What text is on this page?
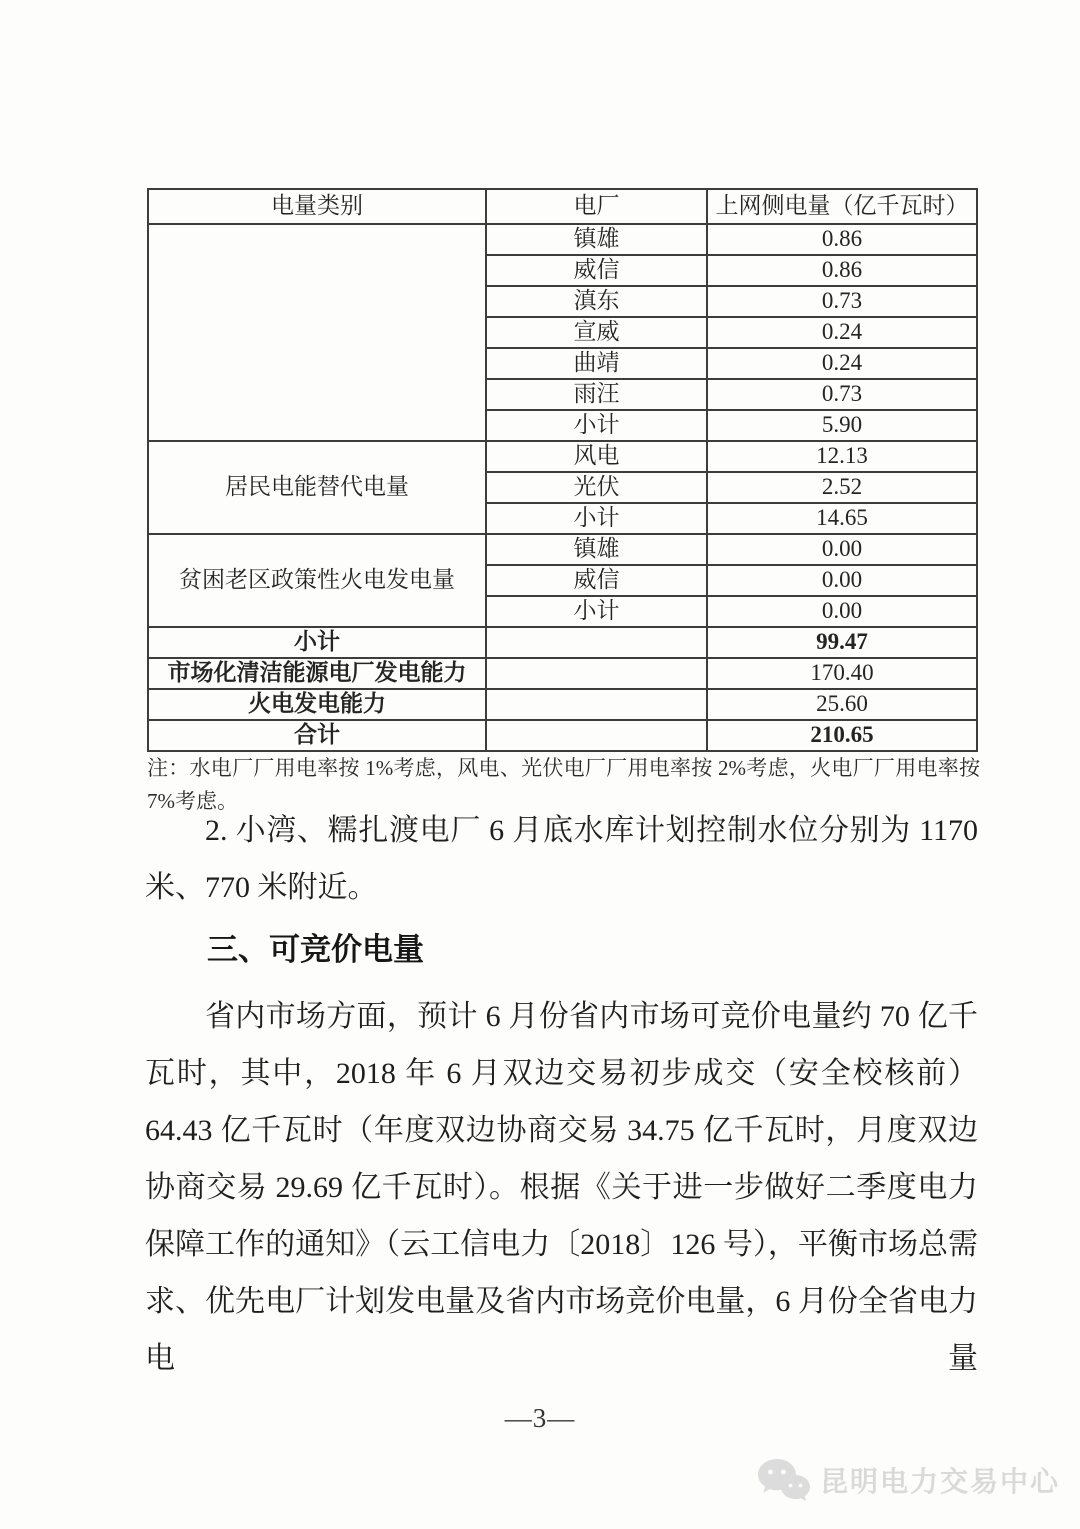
电量类别	电厂	上网侧电量（亿千瓦时）
	镇雄	0.86
	威信	0.86
	滇东	0.73
	宣威	0.24
	曲靖	0.24
	雨汪	0.73
	小计	5.90
居民电能替代电量	风电	12.13
	光伏	2.52
	小计	14.65
贫困老区政策性火电发电量	镇雄	0.00
	威信	0.00
	小计	0.00
小计		99.47
市场化清洁能源电厂发电能力		170.40
火电发电能力		25.60
合计		210.65

注：水电厂厂用电率按 1%考虑，风电、光伏电厂厂用电率按 2%考虑，火电厂厂用电率按 7%考虑。

2. 小湾、糯扎渡电厂 6 月底水库计划控制水位分别为 1170 米、770 米附近。

三、可竞价电量

省内市场方面，预计 6 月份省内市场可竞价电量约 70 亿千瓦时，其中，2018 年 6 月双边交易初步成交（安全校核前）64.43 亿千瓦时（年度双边协商交易 34.75 亿千瓦时，月度双边协商交易 29.69 亿千瓦时）。根据《关于进一步做好二季度电力保障工作的通知》（云工信电力〔2018〕126 号），平衡市场总需求、优先电厂计划发电量及省内市场竞价电量，6 月份全省电力电量

—3—
昆明电力交易中心
